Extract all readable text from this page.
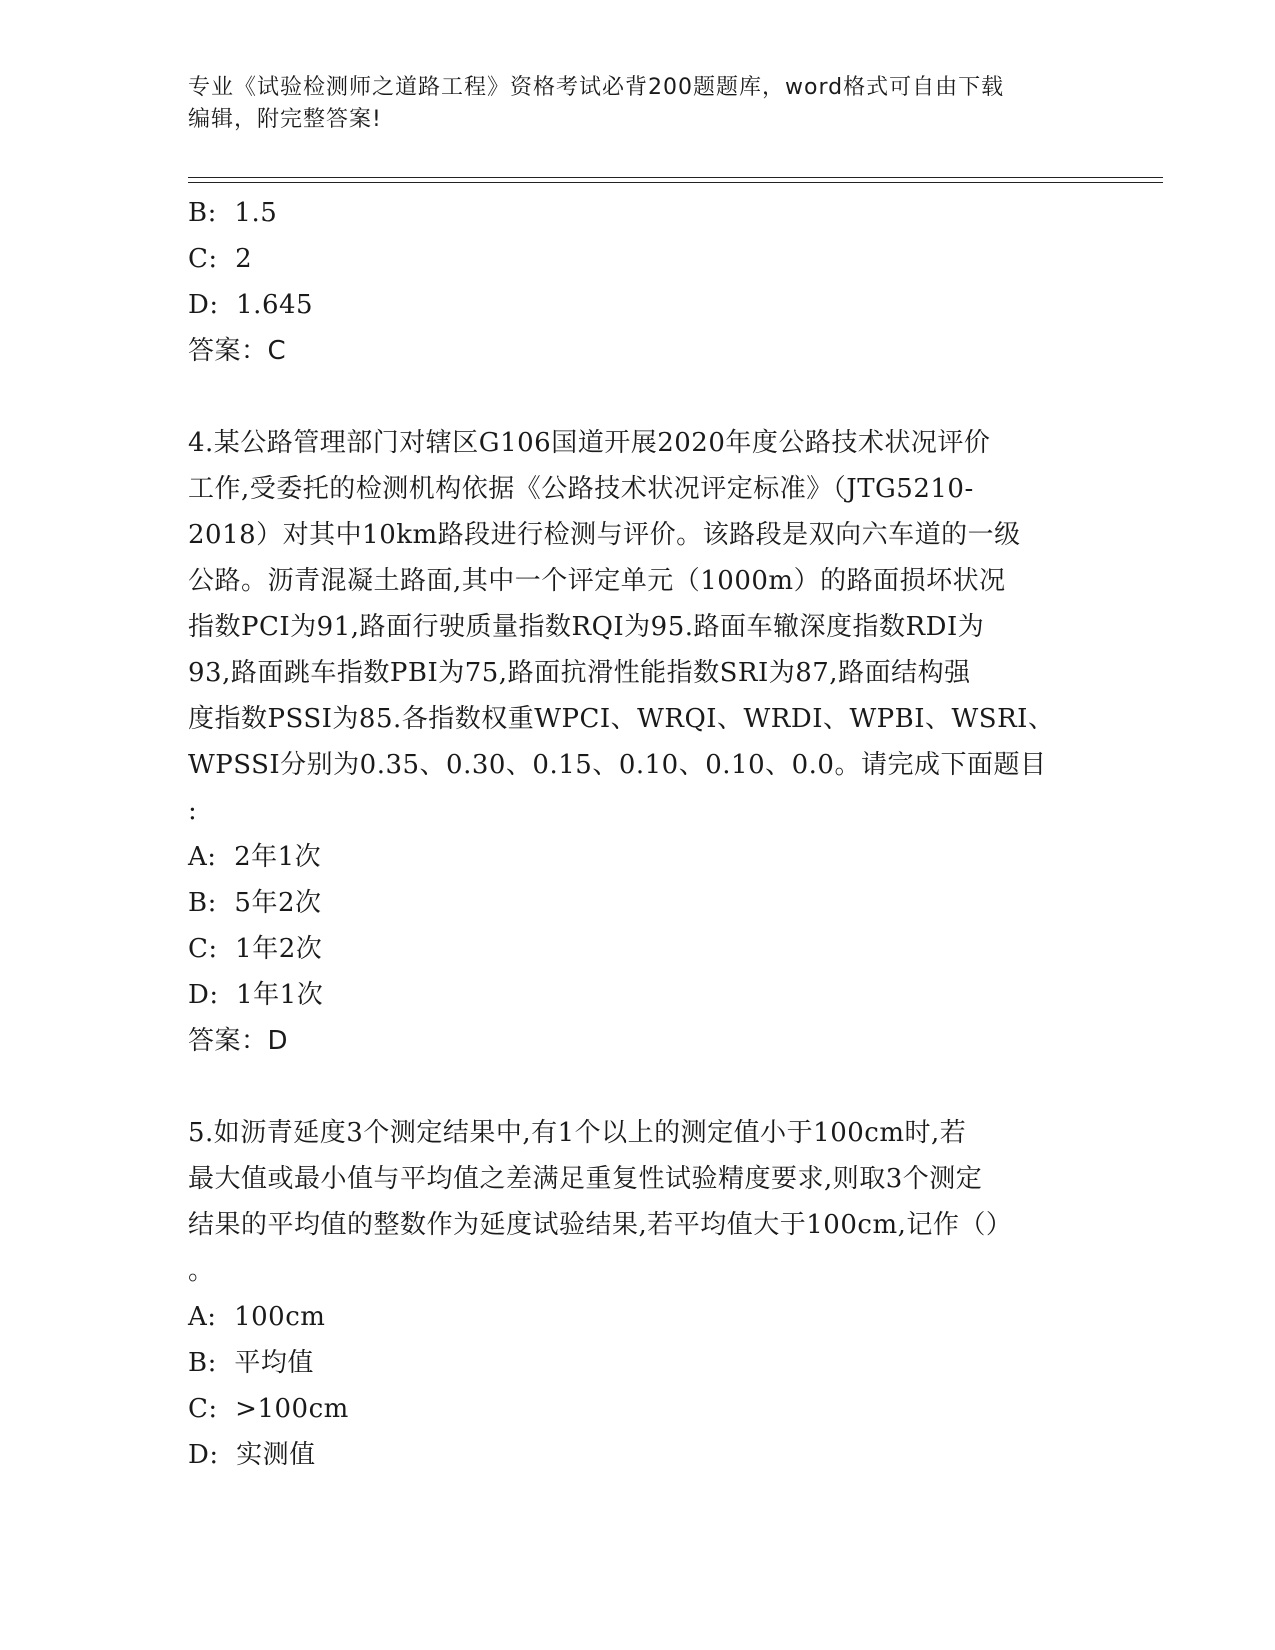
专业《试验检测师之道路工程》资格考试必背200题题库，word格式可自由下载
编辑，附完整答案!
B:  1.5
C:  2
D:  1.645
答案：C
4.某公路管理部门对辖区G106国道开展2020年度公路技术状况评价
工作,受委托的检测机构依据《公路技术状况评定标准》（JTG5210-
2018）对其中10km路段进行检测与评价。该路段是双向六车道的一级
公路。沥青混凝土路面,其中一个评定单元（1000m）的路面损坏状况
指数PCI为91,路面行驶质量指数RQI为95.路面车辙深度指数RDI为
93,路面跳车指数PBI为75,路面抗滑性能指数SRI为87,路面结构强
度指数PSSI为85.各指数权重WPCI、WRQI、WRDI、WPBI、WSRI、
WPSSI分别为0.35、0.30、0.15、0.10、0.10、0.0。请完成下面题目
:
A:  2年1次
B:  5年2次
C:  1年2次
D:  1年1次
答案：D
5.如沥青延度3个测定结果中,有1个以上的测定值小于100cm时,若
最大值或最小值与平均值之差满足重复性试验精度要求,则取3个测定
结果的平均值的整数作为延度试验结果,若平均值大于100cm,记作（）
。
A:  100cm
B:  平均值
C:  >100cm
D:  实测值
